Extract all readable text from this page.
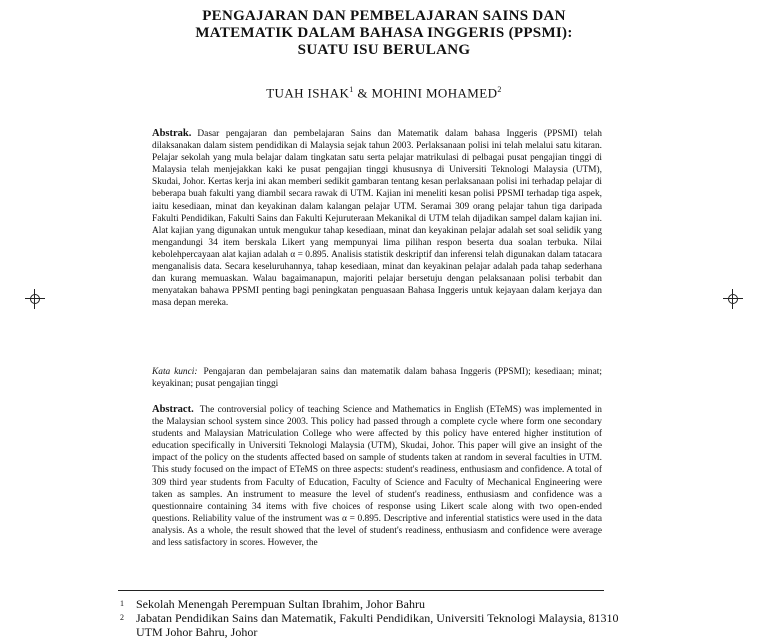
PENGAJARAN DAN PEMBELAJARAN SAINS DAN
MATEMATIK DALAM BAHASA INGGERIS (PPSMI):
SUATU ISU BERULANG
TUAH ISHAK$^1$ & MOHINI MOHAMED$^2$

Abstrak. Dasar pengajaran dan pembelajaran Sains dan Matematik dalam bahasa Inggeris (PPSMI) telah dilaksanakan dalam sistem pendidikan di Malaysia sejak tahun 2003. Perlaksanaan polisi ini telah melalui satu kitaran. Pelajar sekolah yang mula belajar dalam tingkatan satu serta pelajar matrikulasi di pelbagai pusat pengajian tinggi di Malaysia telah menjejakkan kaki ke pusat pengajian tinggi khususnya di Universiti Teknologi Malaysia (UTM), Skudai, Johor. Kertas kerja ini akan memberi sedikit gambaran tentang kesan perlaksanaan polisi ini terhadap pelajar di beberapa buah fakulti yang diambil secara rawak di UTM. Kajian ini meneliti kesan polisi PPSMI terhadap tiga aspek, iaitu kesediaan, minat dan keyakinan dalam kalangan pelajar UTM. Seramai 309 orang pelajar tahun tiga daripada Fakulti Pendidikan, Fakulti Sains dan Fakulti Kejuruteraan Mekanikal di UTM telah dijadikan sampel dalam kajian ini. Alat kajian yang digunakan untuk mengukur tahap kesediaan, minat dan keyakinan pelajar adalah set soal selidik yang mengandungi 34 item berskala Likert yang mempunyai lima pilihan respon beserta dua soalan terbuka. Nilai kebolehpercayaan alat kajian adalah α = 0.895. Analisis statistik deskriptif dan inferensi telah digunakan dalam tatacara menganalisis data. Secara keseluruhannya, tahap kesediaan, minat dan keyakinan pelajar adalah pada tahap sederhana dan kurang memuaskan. Walau bagaimanapun, majoriti pelajar bersetuju dengan pelaksanaan polisi terbabit dan menyatakan bahawa PPSMI penting bagi peningkatan penguasaan Bahasa Inggeris untuk kejayaan dalam kerjaya dan masa depan mereka.

Kata kunci: Pengajaran dan pembelajaran sains dan matematik dalam bahasa Inggeris (PPSMI); kesediaan; minat; keyakinan; pusat pengajian tinggi

Abstract. The controversial policy of teaching Science and Mathematics in English (ETeMS) was implemented in the Malaysian school system since 2003. This policy had passed through a complete cycle where form one secondary students and Malaysian Matriculation College who were affected by this policy have entered higher institution of education specifically in Universiti Teknologi Malaysia (UTM), Skudai, Johor. This paper will give an insight of the impact of the policy on the students affected based on sample of students taken at random in several faculties in UTM. This study focused on the impact of ETeMS on three aspects: student's readiness, enthusiasm and confidence. A total of 309 third year students from Faculty of Education, Faculty of Science and Faculty of Mechanical Engineering were taken as samples. An instrument to measure the level of student's readiness, enthusiasm and confidence was a questionnaire containing 34 items with five choices of response using Likert scale along with two open-ended questions. Reliability value of the instrument was α = 0.895. Descriptive and inferential statistics were used in the data analysis. As a whole, the result showed that the level of student's readiness, enthusiasm and confidence were average and less satisfactory in scores. However, the

1 Sekolah Menengah Perempuan Sultan Ibrahim, Johor Bahru
2 Jabatan Pendidikan Sains dan Matematik, Fakulti Pendidikan, Universiti Teknologi Malaysia, 81310
UTM Johor Bahru, Johor
